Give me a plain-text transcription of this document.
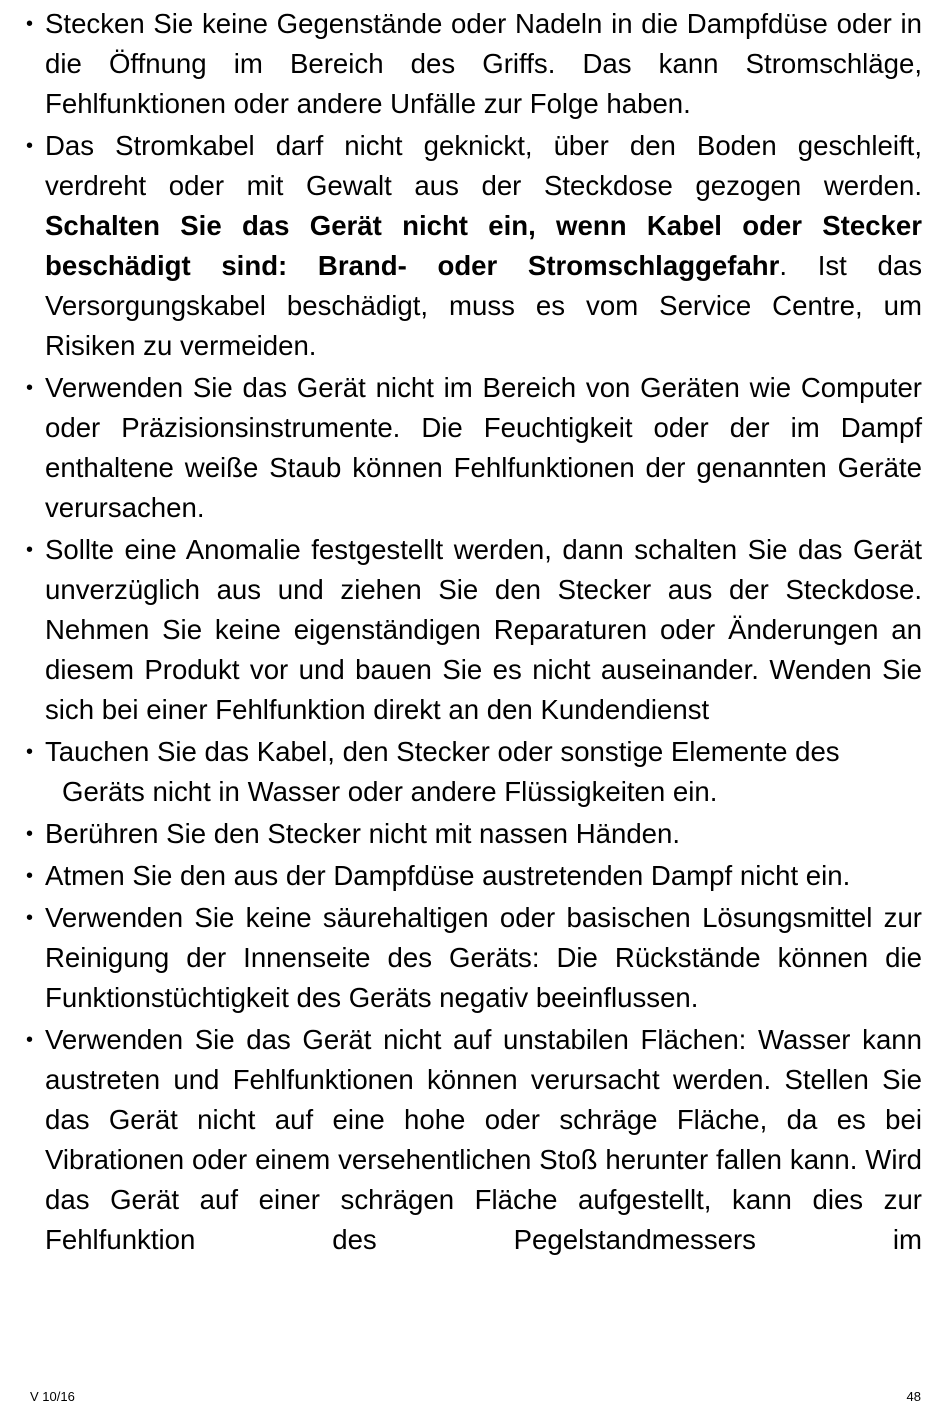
• Stecken Sie keine Gegenstände oder Nadeln in die Dampfdüse oder in die Öffnung im Bereich des Griffs. Das kann Stromschläge, Fehlfunktionen oder andere Unfälle zur Folge haben.
• Das Stromkabel darf nicht geknickt, über den Boden geschleift, verdreht oder mit Gewalt aus der Steckdose gezogen werden. Schalten Sie das Gerät nicht ein, wenn Kabel oder Stecker beschädigt sind: Brand- oder Stromschlaggefahr. Ist das Versorgungskabel beschädigt, muss es vom Service Centre, um Risiken zu vermeiden.
• Verwenden Sie das Gerät nicht im Bereich von Geräten wie Computer oder Präzisionsinstrumente. Die Feuchtigkeit oder der im Dampf enthaltene weiße Staub können Fehlfunktionen der genannten Geräte verursachen.
• Sollte eine Anomalie festgestellt werden, dann schalten Sie das Gerät unverzüglich aus und ziehen Sie den Stecker aus der Steckdose. Nehmen Sie keine eigenständigen Reparaturen oder Änderungen an diesem Produkt vor und bauen Sie es nicht auseinander. Wenden Sie sich bei einer Fehlfunktion direkt an den Kundendienst
• Tauchen Sie das Kabel, den Stecker oder sonstige Elemente des
Geräts nicht in Wasser oder andere Flüssigkeiten ein.
• Berühren Sie den Stecker nicht mit nassen Händen.
• Atmen Sie den aus der Dampfdüse austretenden Dampf nicht ein.
• Verwenden Sie keine säurehaltigen oder basischen Lösungsmittel zur Reinigung der Innenseite des Geräts: Die Rückstände können die Funktionstüchtigkeit des Geräts negativ beeinflussen.
• Verwenden Sie das Gerät nicht auf unstabilen Flächen: Wasser kann austreten und Fehlfunktionen können verursacht werden. Stellen Sie das Gerät nicht auf eine hohe oder schräge Fläche, da es bei Vibrationen oder einem versehentlichen Stoß herunter fallen kann. Wird das Gerät auf einer schrägen Fläche aufgestellt, kann dies zur Fehlfunktion des Pegelstandmessers im
V 10/16	48
